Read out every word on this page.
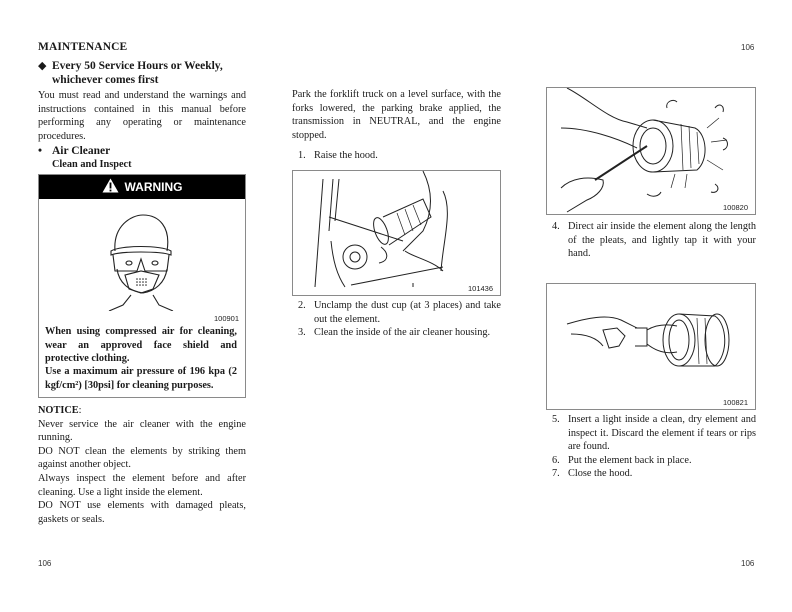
MAINTENANCE	106
◆ Every 50 Service Hours or Weekly, whichever comes first
You must read and understand the warnings and instructions contained in this manual before performing any operating or maintenance procedures.
• Air Cleaner
Clean and Inspect
WARNING
100901
When using compressed air for cleaning, wear an approved face shield and protective clothing.
Use a maximum air pressure of 196 kpa (2 kgf/cm²) [30psi] for cleaning purposes.
NOTICE:
Never service the air cleaner with the engine running.
DO NOT clean the elements by striking them against another object.
Always inspect the element before and after cleaning. Use a light inside the element.
DO NOT use elements with damaged pleats, gaskets or seals.
Park the forklift truck on a level surface, with the forks lowered, the parking brake applied, the transmission in NEUTRAL, and the engine stopped.
1. Raise the hood.
101436
2. Unclamp the dust cup (at 3 places) and take out the element.
3. Clean the inside of the air cleaner housing.
100820
4. Direct air inside the element along the length of the pleats, and lightly tap it with your hand.
100821
5. Insert a light inside a clean, dry element and inspect it. Discard the element if tears or rips are found.
6. Put the element back in place.
7. Close the hood.
106	106
